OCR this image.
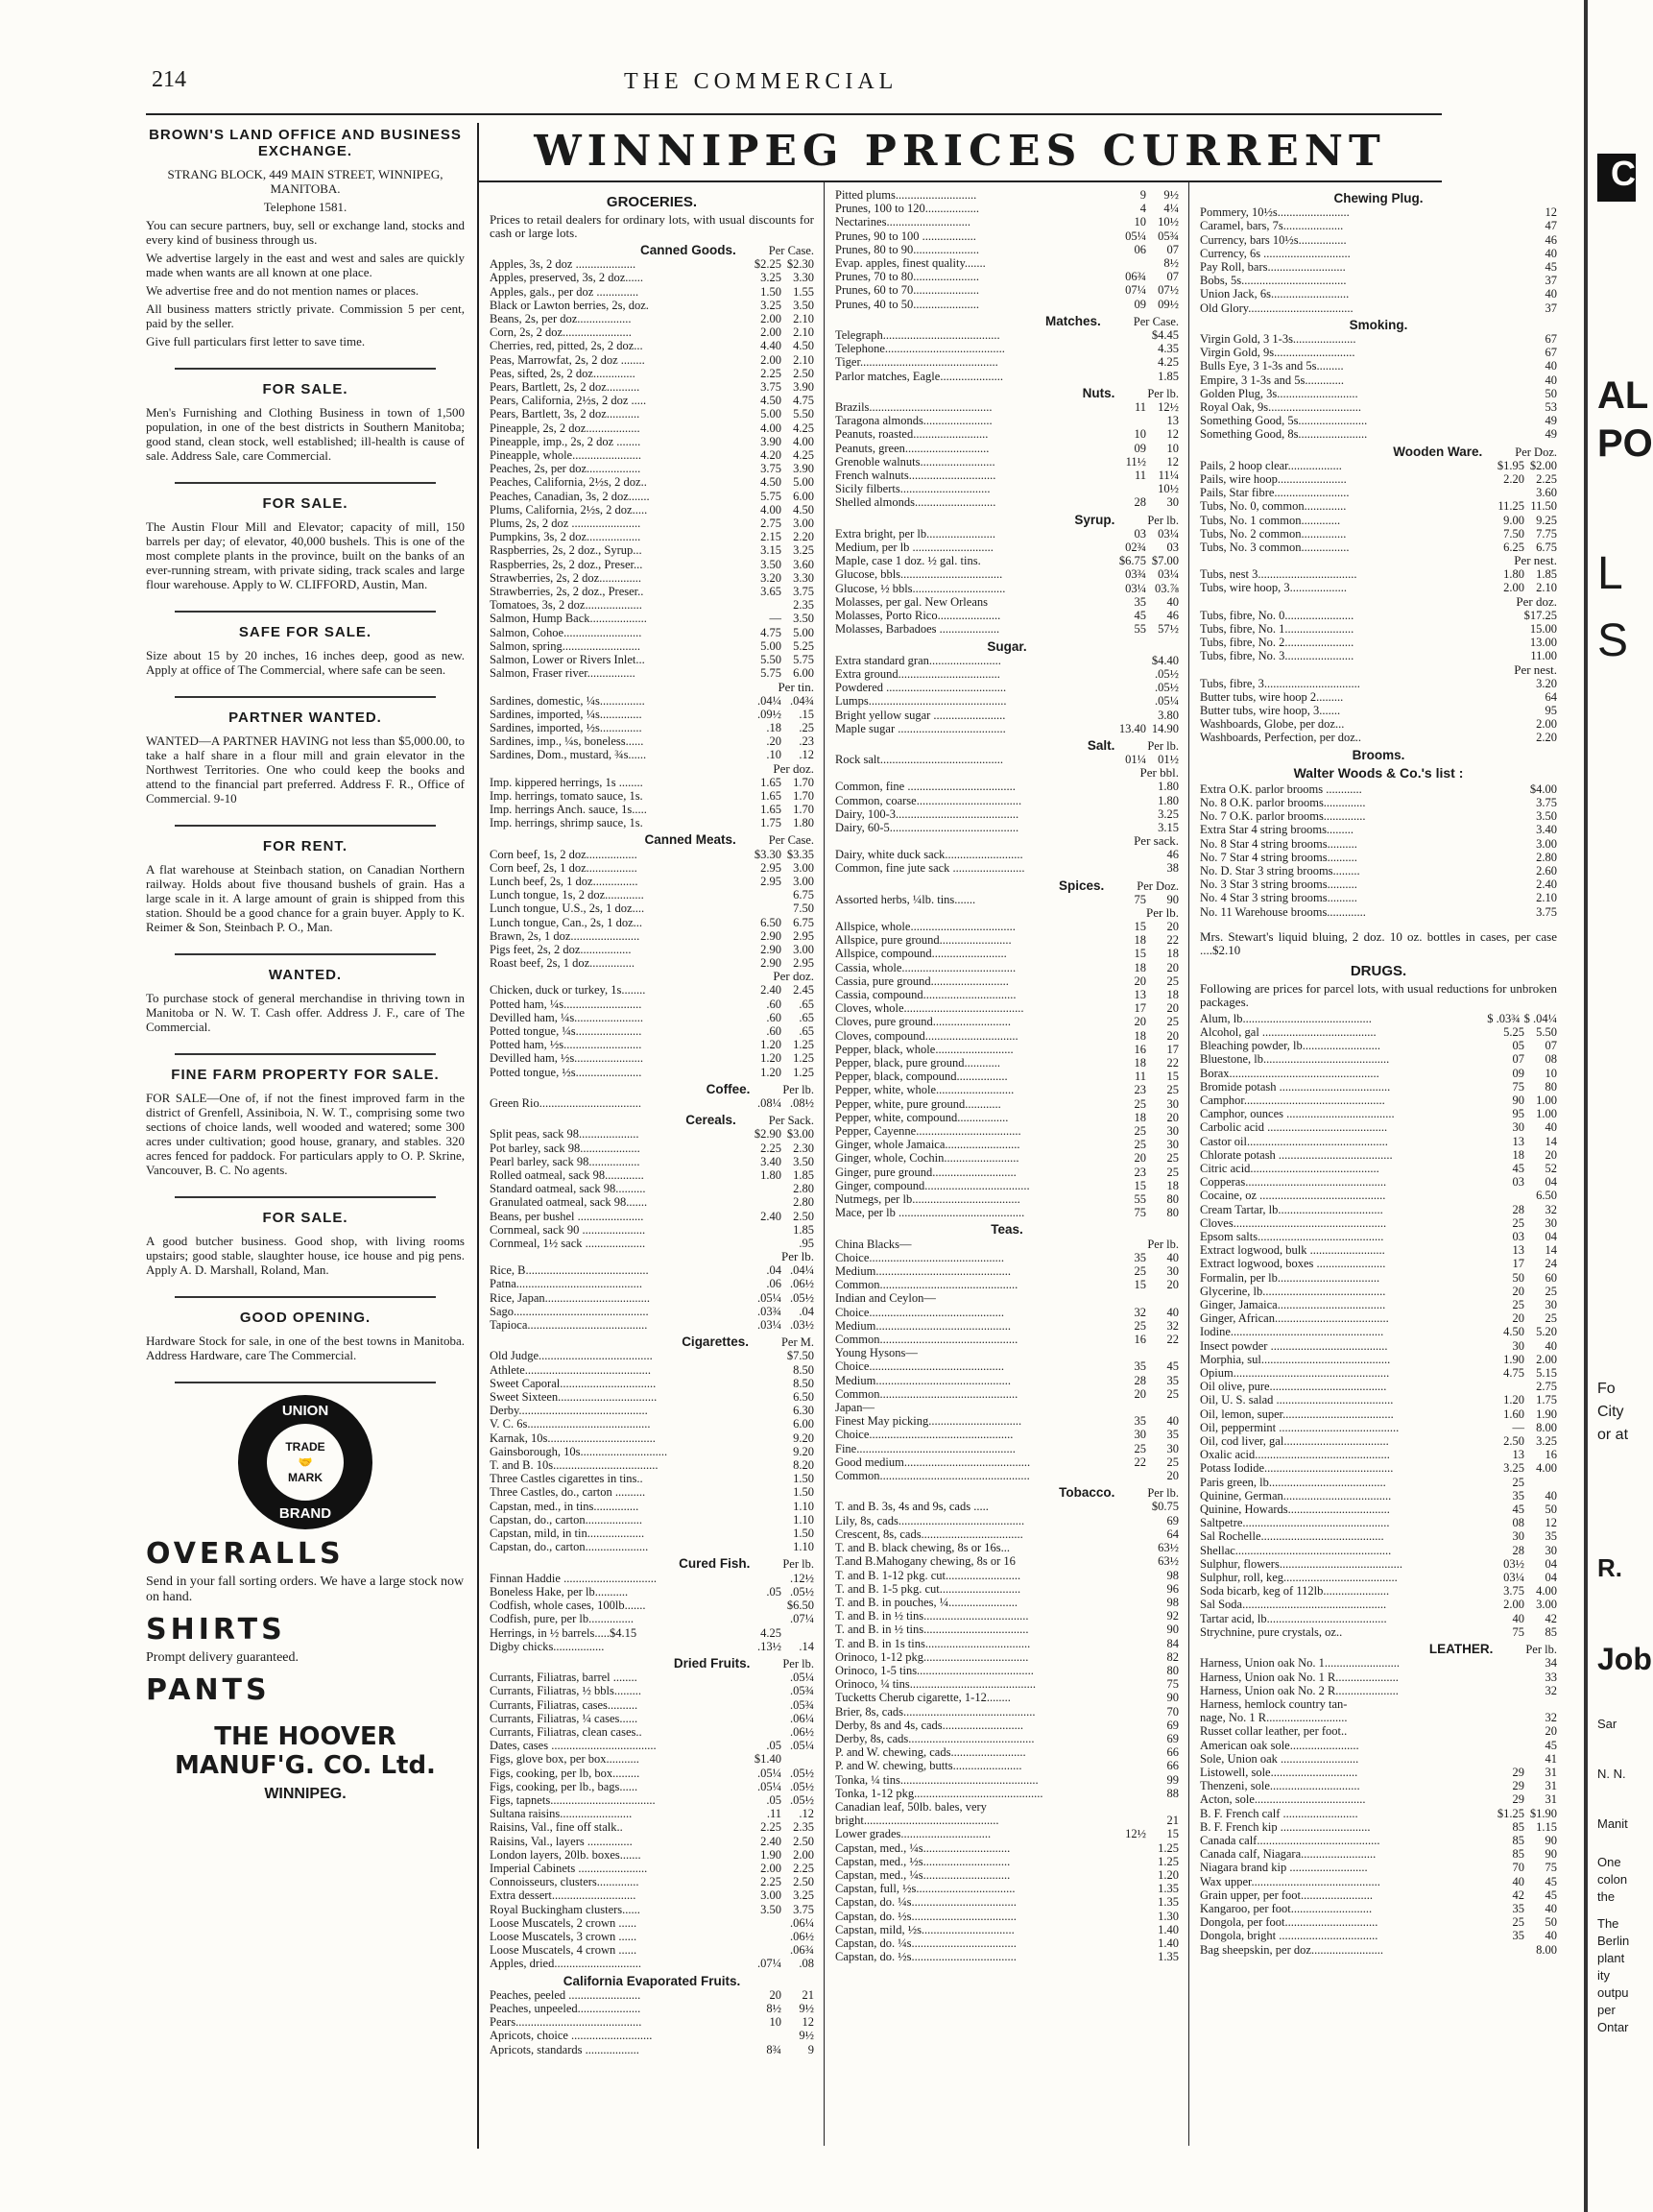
214	THE COMMERCIAL
WINNIPEG PRICES CURRENT
BROWN'S LAND OFFICE AND BUSINESS EXCHANGE.

STRANG BLOCK, 449 MAIN STREET, WINNIPEG, MANITOBA.

Telephone 1581.

You can secure partners, buy, sell or exchange land, stocks and every kind of business through us.

We advertise largely in the east and west and sales are quickly made when wants are all known at one place.

We advertise free and do not mention names or places.

All business matters strictly private. Commission 5 per cent, paid by the seller.

Give full particulars first letter to save time.

FOR SALE.

Men's Furnishing and Clothing Business in town of 1,500 population, in one of the best districts in Southern Manitoba; good stand, clean stock, well established; ill-health is cause of sale. Address Sale, care Commercial.

FOR SALE.

The Austin Flour Mill and Elevator; capacity of mill, 150 barrels per day; of elevator, 40,000 bushels. This is one of the most complete plants in the province, built on the banks of an ever-running stream, with private siding, track scales and large flour warehouse. Apply to W. CLIFFORD, Austin, Man.

SAFE FOR SALE.

Size about 15 by 20 inches, 16 inches deep, good as new. Apply at office of The Commercial, where safe can be seen.

PARTNER WANTED.

WANTED—A PARTNER HAVING not less than $5,000.00, to take a half share in a flour mill and grain elevator in the Northwest Territories. One who could keep the books and attend to the financial part preferred. Address F. R., Office of Commercial. 9-10

FOR RENT.

A flat warehouse at Steinbach station, on Canadian Northern railway. Holds about five thousand bushels of grain. Has a large scale in it. A large amount of grain is shipped from this station. Should be a good chance for a grain buyer. Apply to K. Reimer & Son, Steinbach P. O., Man.

WANTED.

To purchase stock of general merchandise in thriving town in Manitoba or N. W. T. Cash offer. Address J. F., care of The Commercial.

FINE FARM PROPERTY FOR SALE.

FOR SALE—One of, if not the finest improved farm in the district of Grenfell, Assiniboia, N. W. T., comprising some two sections of choice lands, well wooded and watered; some 300 acres under cultivation; good house, granary, and stables. 320 acres fenced for paddock. For particulars apply to O. P. Skrine, Vancouver, B. C. No agents.

FOR SALE.

A good butcher business. Good shop, with living rooms upstairs; good stable, slaughter house, ice house and pig pens. Apply A. D. Marshall, Roland, Man.

GOOD OPENING.

Hardware Stock for sale, in one of the best towns in Manitoba. Address Hardware, care The Commercial.

UNION
BRAND
TRADE
🤝
MARK
OVERALLS

Send in your fall sorting orders. We have a large stock now on hand.

SHIRTS

Prompt delivery guaranteed.

PANTS
THE HOOVER MANUF'G. CO. Ltd.
WINNIPEG.
GROCERIES.
Prices to retail dealers for ordinary lots, with usual discounts for cash or large lots.
Canned Goods.	Per Case.
Apples, 3s, 2 doz ....................	$2.25 $2.30
Apples, preserved, 3s, 2 doz......	3.25 3.30
Apples, gals., per doz ..............	1.50 1.55
Black or Lawton berries, 2s, doz.	3.25 3.50
Beans, 2s, per doz..................	2.00 2.10
Corn, 2s, 2 doz.......................	2.00 2.10
Cherries, red, pitted, 2s, 2 doz...	4.40 4.50
Peas, Marrowfat, 2s, 2 doz ........	2.00 2.10
Peas, sifted, 2s, 2 doz..............	2.25 2.50
Pears, Bartlett, 2s, 2 doz...........	3.75 3.90
Pears, California, 2½s, 2 doz .....	4.50 4.75
Pears, Bartlett, 3s, 2 doz...........	5.00 5.50
Pineapple, 2s, 2 doz..................	4.00 4.25
Pineapple, imp., 2s, 2 doz ........	3.90 4.00
Pineapple, whole.......................	4.20 4.25
Peaches, 2s, per doz..................	3.75 3.90
Peaches, California, 2½s, 2 doz..	4.50 5.00
Peaches, Canadian, 3s, 2 doz.......	5.75 6.00
Plums, California, 2½s, 2 doz.....	4.00 4.50
Plums, 2s, 2 doz .......................	2.75 3.00
Pumpkins, 3s, 2 doz..................	2.15 2.20
Raspberries, 2s, 2 doz., Syrup...	3.15 3.25
Raspberries, 2s, 2 doz., Preser...	3.50 3.60
Strawberries, 2s, 2 doz..............	3.20 3.30
Strawberries, 2s, 2 doz., Preser..	3.65 3.75
Tomatoes, 3s, 2 doz...................	2.35
Salmon, Hump Back...................	— 3.50
Salmon, Cohoe..........................	4.75 5.00
Salmon, spring..........................	5.00 5.25
Salmon, Lower or Rivers Inlet...	5.50 5.75
Salmon, Fraser river................	5.75 6.00
Per tin.
Sardines, domestic, ¼s...............	.04¼ .04¾
Sardines, imported, ¼s..............	.09½	.15
Sardines, imported, ½s..............	.18	.25
Sardines, imp., ¼s, boneless......	.20	.23
Sardines, Dom., mustard, ¾s......	.10	.12
Per doz.
Imp. kippered herrings, 1s ........	1.65 1.70
Imp. herrings, tomato sauce, 1s.	1.65 1.70
Imp. herrings Anch. sauce, 1s.....	1.65 1.70
Imp. herrings, shrimp sauce, 1s.	1.75 1.80
Canned Meats.	Per Case.
Corn beef, 1s, 2 doz.................	$3.30 $3.35
Corn beef, 2s, 1 doz.................	2.95 3.00
Lunch beef, 2s, 1 doz...............	2.95 3.00
Lunch tongue, 1s, 2 doz.............	6.75
Lunch tongue, U.S., 2s, 1 doz....	7.50
Lunch tongue, Can., 2s, 1 doz...	6.50 6.75
Brawn, 2s, 1 doz.......................	2.90 2.95
Pigs feet, 2s, 2 doz.................	2.90 3.00
Roast beef, 2s, 1 doz...............	2.90 2.95
Per doz.
Chicken, duck or turkey, 1s........	2.40 2.45
Potted ham, ¼s..........................	.60	.65
Devilled ham, ¼s.......................	.60	.65
Potted tongue, ¼s......................	.60	.65
Potted ham, ½s..........................	1.20 1.25
Devilled ham, ½s.......................	1.20 1.25
Potted tongue, ½s......................	1.20 1.25
Coffee.	Per lb.
Green Rio..................................	.08¼ .08½
Cereals.	Per Sack.
Split peas, sack 98....................	$2.90 $3.00
Pot barley, sack 98....................	2.25 2.30
Pearl barley, sack 98.................	3.40 3.50
Rolled oatmeal, sack 98.............	1.80 1.85
Standard oatmeal, sack 98..........	2.80
Granulated oatmeal, sack 98.......	2.80
Beans, per bushel ......................	2.40 2.50
Cornmeal, sack 90 .....................	1.85
Cornmeal, 1½ sack ....................	.95
Per lb.
Rice, B.........................................	.04 .04¼
Patna..........................................	.06 .06½
Rice, Japan...................................	.05¼ .05½
Sago.............................................	.03¾	.04
Tapioca........................................	.03¼ .03½
Cigarettes.	Per M.
Old Judge......................................	$7.50
Athlete..........................................	8.50
Sweet Caporal................................	8.50
Sweet Sixteen.................................	6.50
Derby...........................................	6.30
V. C. 6s.........................................	6.00
Karnak, 10s....................................	9.20
Gainsborough, 10s.............................	9.20
T. and B. 10s...................................	8.20
Three Castles cigarettes in tins..	1.50
Three Castles, do., carton ..........	1.50
Capstan, med., in tins...............	1.10
Capstan, do., carton...................	1.10
Capstan, mild, in tin...................	1.50
Capstan, do., carton.....................	1.10
Cured Fish.	Per lb.
Finnan Haddie ...............................	.12½
Boneless Hake, per lb...........	.05 .05½
Codfish, whole cases, 100lb.......	$6.50
Codfish, pure, per lb...............	.07¼
Herrings, in ½ barrels.....$4.15	4.25
Digby chicks.................	.13½	.14
Dried Fruits.	Per lb.
Currants, Filiatras, barrel ........	.05¼
Currants, Filiatras, ½ bbls.........	.05¾
Currants, Filiatras, cases..........	.05¾
Currants, Filiatras, ¼ cases......	.06¼
Currants, Filiatras, clean cases..	.06½
Dates, cases ...................................	.05 .05¼
Figs, glove box, per box...........	$1.40
Figs, cooking, per lb, box.........	.05¼ .05½
Figs, cooking, per lb., bags......	.05¼ .05½
Figs, tapnets...................................	.05 .05½
Sultana raisins........................	.11	.12
Raisins, Val., fine off stalk..	2.25 2.35
Raisins, Val., layers ...............	2.40 2.50
London layers, 20lb. boxes.......	1.90 2.00
Imperial Cabinets .......................	2.00 2.25
Connoisseurs, clusters..............	2.25 2.50
Extra dessert............................	3.00 3.25
Royal Buckingham clusters......	3.50 3.75
Loose Muscatels, 2 crown ......	.06¼
Loose Muscatels, 3 crown ......	.06½
Loose Muscatels, 4 crown ......	.06¾
Apples, dried.............................	.07¼	.08
California Evaporated Fruits.
Peaches, peeled ........................	20	21
Peaches, unpeeled.....................	8½	9½
Pears..........................................	10	12
Apricots, choice ...........................	9½
Apricots, standards ..................	8¾	9
Pitted plums...........................	9	9½
Prunes, 100 to 120..................	4	4¼
Nectarines............................	10 10½
Prunes, 90 to 100 ..................	05¼ 05¾
Prunes, 80 to 90......................	06	07
Evap. apples, finest quality.......	8½
Prunes, 70 to 80......................	06¾	07
Prunes, 60 to 70......................	07¼ 07½
Prunes, 40 to 50......................	09 09½
Matches.	Per Case.
Telegraph.......................................	$4.45
Telephone........................................	4.35
Tiger..............................................	4.25
Parlor matches, Eagle.....................	1.85
Nuts.	Per lb.
Brazils.........................................	11 12½
Taragona almonds.......................	13
Peanuts, roasted.........................	10	12
Peanuts, green............................	09	10
Grenoble walnuts.........................	11½	12
French walnuts.............................	11	11¼
Sicily filberts..............................	10½
Shelled almonds...........................	28	30
Syrup.	Per lb.
Extra bright, per lb.......................	03 03¼
Medium, per lb ...........................	02¾	03
Maple, case 1 doz. ½ gal. tins.	$6.75 $7.00
Glucose, bbls..................................	03¾ 03¼
Glucose, ½ bbls...............................	03¼ 03.⅞
Molasses, per gal. New Orleans	35	40
Molasses, Porto Rico.....................	45	46
Molasses, Barbadoes ....................	55 57½
Sugar.
Extra standard gran........................	$4.40
Extra ground..................................	.05½
Powdered ........................................	.05½
Lumps..............................................	.05¼
Bright yellow sugar ........................	3.80
Maple sugar ....................................	13.40 14.90
Salt.	Per lb.
Rock salt.........................................	01¼ 01½
Per bbl.
Common, fine ....................................	1.80
Common, coarse...................................	1.80
Dairy, 100-3.........................................	3.25
Dairy, 60-5...........................................	3.15
Per sack.
Dairy, white duck sack..........................	46
Common, fine jute sack ........................	38
Spices.	Per Doz.
Assorted herbs, ¼lb. tins.......	75	90
Per lb.
Allspice, whole...................................	15	20
Allspice, pure ground........................	18	22
Allspice, compound.........................	15	18
Cassia, whole......................................	18	20
Cassia, pure ground..........................	20	25
Cassia, compound...............................	13	18
Cloves, whole........................................	17	20
Cloves, pure ground..........................	20	25
Cloves, compound...............................	18	20
Pepper, black, whole..........................	16	17
Pepper, black, pure ground............	18	22
Pepper, black, compound.................	11	15
Pepper, white, whole..........................	23	25
Pepper, white, pure ground............	25	30
Pepper, white, compound.................	18	20
Pepper, Cayenne...................................	25	30
Ginger, whole Jamaica.........................	25	30
Ginger, whole, Cochin.........................	20	25
Ginger, pure ground............................	23	25
Ginger, compound...................................	15	18
Nutmegs, per lb....................................	55	80
Mace, per lb ..........................................	75	80
Teas.
China Blacks—	Per lb.
Choice.............................................	35	40
Medium.............................................	25	30
Common..............................................	15	20
Indian and Ceylon—
Choice.............................................	32	40
Medium.............................................	25	32
Common..............................................	16	22
Young Hysons—
Choice.............................................	35	45
Medium.............................................	28	35
Common..............................................	20	25
Japan—
Finest May picking...............................	35	40
Choice................................................	30	35
Fine.....................................................	25	30
Good medium..........................................	22	25
Common..................................................	20
Tobacco.	Per lb.
T. and B. 3s, 4s and 9s, cads .....	$0.75
Lily, 8s, cads..........................................	69
Crescent, 8s, cads..................................	64
T. and B. black chewing, 8s or 16s...	63½
T.and B.Mahogany chewing, 8s or 16	63½
T. and B. 1-12 pkg. cut.........................	98
T. and B. 1-5 pkg. cut...........................	96
T. and B. in pouches, ¼.......................	98
T. and B. in ½ tins...................................	92
T. and B. in ½ tins...................................	90
T. and B. in 1s tins...................................	84
Orinoco, 1-12 pkg...................................	82
Orinoco, 1-5 tins.......................................	80
Orinoco, ¼ tins..........................................	75
Tucketts Cherub cigarette, 1-12........	90
Brier, 8s, cads............................................	70
Derby, 8s and 4s, cads...........................	69
Derby, 8s, cads..........................................	69
P. and W. chewing, cads.........................	66
P. and W. chewing, butts.......................	66
Tonka, ¼ tins..............................................	99
Tonka, 1-12 pkg...........................................	88
Canadian leaf, 50lb. bales, very
bright.............................................	21
Lower grades..............................	12½	15
Capstan, med., ¼s.............................	1.25
Capstan, med., ½s.............................	1.25
Capstan, med., ¼s.............................	1.20
Capstan, full, ½s.................................	1.35
Capstan, do. ¼s...................................	1.35
Capstan, do. ½s...................................	1.30
Capstan, mild, ½s...............................	1.40
Capstan, do. ¼s...................................	1.40
Capstan, do. ½s...................................	1.35
Chewing Plug.
Pommery, 10½s........................	12
Caramel, bars, 7s....................	47
Currency, bars 10½s................	46
Currency, 6s .............................	40
Pay Roll, bars..........................	45
Bobs, 5s...................................	37
Union Jack, 6s..........................	40
Old Glory...................................	37
Smoking.
Virgin Gold, 3 1-3s.....................	67
Virgin Gold, 9s...........................	67
Bulls Eye, 3 1-3s and 5s.........	40
Empire, 3 1-3s and 5s.............	40
Golden Plug, 3s...........................	50
Royal Oak, 9s...............................	53
Something Good, 5s.......................	49
Something Good, 8s.......................	49
Wooden Ware.	Per Doz.
Pails, 2 hoop clear..................	$1.95 $2.00
Pails, wire hoop.......................	2.20 2.25
Pails, Star fibre.........................	3.60
Tubs, No. 0, common..............	11.25 11.50
Tubs, No. 1 common.............	9.00 9.25
Tubs, No. 2 common...............	7.50 7.75
Tubs, No. 3 common................	6.25 6.75
Per nest.
Tubs, nest 3.................................	1.80 1.85
Tubs, wire hoop, 3...................	2.00 2.10
Per doz.
Tubs, fibre, No. 0.......................	$17.25
Tubs, fibre, No. 1.......................	15.00
Tubs, fibre, No. 2.......................	13.00
Tubs, fibre, No. 3.......................	11.00
Per nest.
Tubs, fibre, 3................................	3.20
Butter tubs, wire hoop 2.........	64
Butter tubs, wire hoop, 3.......	95
Washboards, Globe, per doz...	2.00
Washboards, Perfection, per doz..	2.20
Brooms.
Walter Woods & Co.'s list :
Extra O.K. parlor brooms ............	$4.00
No. 8 O.K. parlor brooms..............	3.75
No. 7 O.K. parlor brooms..............	3.50
Extra Star 4 string brooms.........	3.40
No. 8 Star 4 string brooms..........	3.00
No. 7 Star 4 string brooms..........	2.80
No. D. Star 3 string brooms.........	2.60
No. 3 Star 3 string brooms..........	2.40
No. 4 Star 3 string brooms..........	2.10
No. 11 Warehouse brooms.............	3.75
Mrs. Stewart's liquid bluing, 2 doz. 10 oz. bottles in cases, per case ....$2.10
DRUGS.
Following are prices for parcel lots, with usual reductions for unbroken packages.
Alum, lb...........................................	$ .03¾ $ .04¼
Alcohol, gal ......................................	5.25 5.50
Bleaching powder, lb..........................	05	07
Bluestone, lb..........................................	07	08
Borax..................................................	09	10
Bromide potash .....................................	75	80
Camphor...............................................	90 1.00
Camphor, ounces ....................................	95 1.00
Carbolic acid ........................................	30	40
Castor oil...............................................	13	14
Chlorate potash ......................................	18	20
Citric acid...........................................	45	52
Copperas...............................................	03	04
Cocaine, oz ..........................................	6.50
Cream Tartar, lb...................................	28	32
Cloves...................................................	25	30
Epsom salts..........................................	03	04
Extract logwood, bulk .........................	13	14
Extract logwood, boxes .......................	17	24
Formalin, per lb..................................	50	60
Glycerine, lb.........................................	20	25
Ginger, Jamaica....................................	25	30
Ginger, African......................................	20	25
Iodine...................................................	4.50 5.20
Insect powder .......................................	30	40
Morphia, sul...........................................	1.90 2.00
Opium....................................................	4.75 5.15
Oil olive, pure.......................................	2.75
Oil, U. S. salad .......................................	1.20 1.75
Oil, lemon, super.....................................	1.60 1.90
Oil, peppermint ........................................	— 8.00
Oil, cod liver, gal...................................	2.50 3.25
Oxalic acid.............................................	13	16
Potass Iodide...........................................	3.25 4.00
Paris green, lb.......................................	25
Quinine, German....................................	35	40
Quinine, Howards..................................	45	50
Saltpetre.................................................	08	12
Sal Rochelle.........................................	30	35
Shellac....................................................	28	30
Sulphur, flowers.........................................	03½	04
Sulphur, roll, keg......................................	03¼	04
Soda bicarb, keg of 112lb......................	3.75 4.00
Sal Soda................................................	2.00 3.00
Tartar acid, lb........................................	40	42
Strychnine, pure crystals, oz..	75	85
LEATHER.	Per lb.
Harness, Union oak No. 1.........................	34
Harness, Union oak No. 1 R.....................	33
Harness, Union oak No. 2 R.....................	32
Harness, hemlock country tan-
nage, No. 1 R...........................	32
Russet collar leather, per foot..	20
American oak sole.......................	45
Sole, Union oak ..........................	41
Listowell, sole.............................	29	31
Thenzeni, sole..............................	29	31
Acton, sole.....................................	29	31
B. F. French calf .........................	$1.25 $1.90
B. F. French kip ..............................	85 1.15
Canada calf.........................................	85	90
Canada calf, Niagara.........................	85	90
Niagara brand kip ..........................	70	75
Wax upper...........................................	40	45
Grain upper, per foot........................	42	45
Kangaroo, per foot...........................	35	40
Dongola, per foot...............................	25	50
Dongola, bright .................................	35	40
Bag sheepskin, per doz........................	8.00
C
AL
PO
L
S
Fo
City
or at
R.
Job
Sar
N. N.
Manit
One
colon
the
The
Berlin
plant
ity
outpu
per
Ontar
